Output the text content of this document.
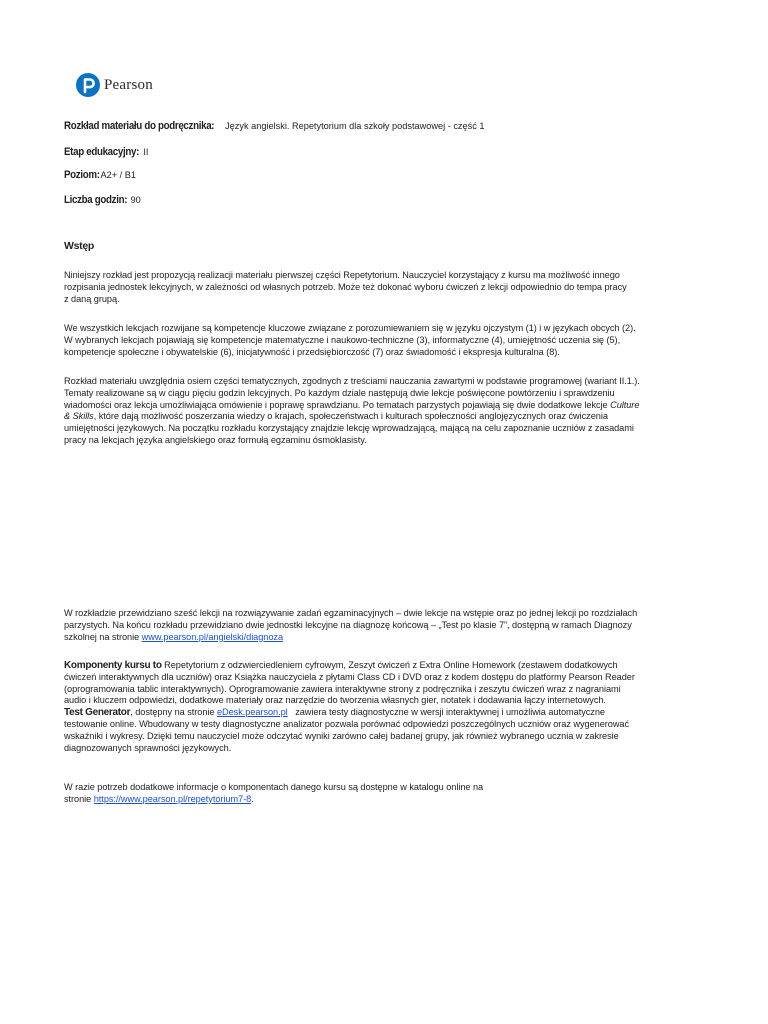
Pearson
Rozkład materiału do podręcznika: Język angielski. Repetytorium dla szkoły podstawowej - część 1
Etap edukacyjny: II
Poziom: A2+ / B1
Liczba godzin: 90
Wstęp
Niniejszy rozkład jest propozycją realizacji materiału pierwszej części Repetytorium. Nauczyciel korzystający z kursu ma możliwość innego
rozpisania jednostek lekcyjnych, w zależności od własnych potrzeb. Może też dokonać wyboru ćwiczeń z lekcji odpowiednio do tempa pracy
z daną grupą.
We wszystkich lekcjach rozwijane są kompetencje kluczowe związane z porozumiewaniem się w języku ojczystym (1) i w językach obcych (2).
W wybranych lekcjach pojawiają się kompetencje matematyczne i naukowo-techniczne (3), informatyczne (4), umiejętność uczenia się (5),
kompetencje społeczne i obywatelskie (6), inicjatywność i przedsiębiorczość (7) oraz świadomość i ekspresja kulturalna (8).
Rozkład materiału uwzględnia osiem części tematycznych, zgodnych z treściami nauczania zawartymi w podstawie programowej (wariant II.1.).
Tematy realizowane są w ciągu pięciu godzin lekcyjnych. Po każdym dziale następują dwie lekcje poświęcone powtórzeniu i sprawdzeniu
wiadomości oraz lekcja umożliwiająca omówienie i poprawę sprawdzianu. Po tematach parzystych pojawiają się dwie dodatkowe lekcje Culture
& Skills, które dają możliwość poszerzania wiedzy o krajach, społeczeństwach i kulturach społeczności anglojęzycznych oraz ćwiczenia
umiejętności językowych. Na początku rozkładu korzystający znajdzie lekcję wprowadzającą, mającą na celu zapoznanie uczniów z zasadami
pracy na lekcjach języka angielskiego oraz formułą egzaminu ósmoklasisty.
W rozkładzie przewidziano sześć lekcji na rozwiązywanie zadań egzaminacyjnych – dwie lekcje na wstępie oraz po jednej lekcji po rozdziałach
parzystych. Na końcu rozkładu przewidziano dwie jednostki lekcyjne na diagnozę końcową – „Test po klasie 7”, dostępną w ramach Diagnozy
szkolnej na stronie www.pearson.pl/angielski/diagnoza
Komponenty kursu to Repetytorium z odzwierciedleniem cyfrowym, Zeszyt ćwiczeń z Extra Online Homework (zestawem dodatkowych
ćwiczeń interaktywnych dla uczniów) oraz Książka nauczyciela z płytami Class CD i DVD oraz z kodem dostępu do platformy Pearson Reader
(oprogramowania tablic interaktywnych). Oprogramowanie zawiera interaktywne strony z podręcznika i zeszytu ćwiczeń wraz z nagraniami
audio i kluczem odpowiedzi, dodatkowe materiały oraz narzędzie do tworzenia własnych gier, notatek i dodawania łączy internetowych.
Test Generator, dostępny na stronie eDesk.pearson.pl zawiera testy diagnostyczne w wersji interaktywnej i umożliwia automatyczne
testowanie online. Wbudowany w testy diagnostyczne analizator pozwala porównać odpowiedzi poszczególnych uczniów oraz wygenerować
wskaźniki i wykresy. Dzięki temu nauczyciel może odczytać wyniki zarówno całej badanej grupy, jak również wybranego ucznia w zakresie
diagnozowanych sprawności językowych.
W razie potrzeb dodatkowe informacje o komponentach danego kursu są dostępne w katalogu online na
stronie https://www.pearson.pl/repetytorium7-8.
